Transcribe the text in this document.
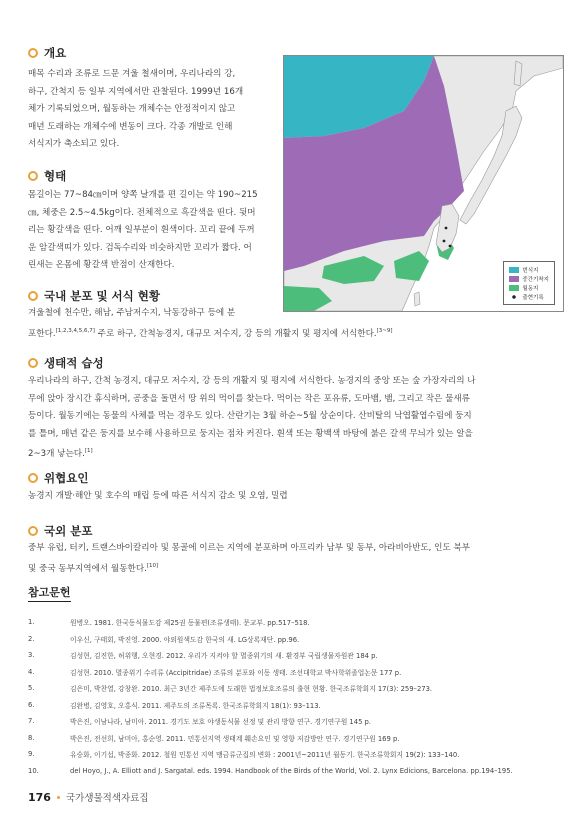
개요
매목 수리과 조류로 드문 겨울 철새이며, 우리나라의 강,
하구, 간척지 등 일부 지역에서만 관찰된다. 1999년 16개
체가 기록되었으며, 월동하는 개체수는 안정적이지 않고
매년 도래하는 개체수에 변동이 크다. 각종 개발로 인해
서식지가 축소되고 있다.
형태
몸길이는 77~84㎝이며 양쪽 날개를 편 길이는 약 190~215
㎝, 체중은 2.5~4.5kg이다. 전체적으로 흑갈색을 띤다. 뒷머
리는 황갈색을 띤다. 어깨 일부분이 흰색이다. 꼬리 끝에 두꺼
운 암갈색띠가 있다. 검독수리와 비슷하지만 꼬리가 짧다. 어
린새는 온몸에 황갈색 반점이 산재한다.
국내 분포 및 서식 현황
겨울철에 천수만, 해남, 주남저수지, 낙동강하구 등에 분
포한다.[1,2,3,4,5,6,7] 주로 하구, 간척농경지, 대규모 저수지, 강 등의 개활지 및 평지에 서식한다.[3~9]
생태적 습성
우리나라의 하구, 간척 농경지, 대규모 저수지, 강 등의 개활지 및 평지에 서식한다. 농경지의 중앙 또는 숲 가장자리의 나
무에 앉아 장시간 휴식하며, 공중을 돌면서 땅 위의 먹이를 찾는다. 먹이는 작은 포유류, 도마뱀, 뱀, 그리고 작은 물새류
등이다. 월동기에는 동물의 사체를 먹는 경우도 있다. 산란기는 3월 하순~5월 상순이다. 산비탈의 낙엽활엽수림에 둥지
를 틀며, 매년 같은 둥지를 보수해 사용하므로 둥지는 점차 커진다. 흰색 또는 황백색 바탕에 붉은 갈색 무늬가 있는 알을
2~3개 낳는다.[1]
위협요인
농경지 개발·해안 및 호수의 매립 등에 따른 서식지 감소 및 오염, 밀렵
국외 분포
중부 유럽, 터키, 트랜스바이칼리아 및 몽골에 이르는 지역에 분포하며 아프리카 남부 및 동부, 아라비아반도, 인도 북부
및 중국 동부지역에서 월동한다.[10]
참고문헌
1.	원병오. 1981. 한국동식물도감 제25권 동물편(조류생태). 문교부. pp.517–518.
2.	이우신, 구태회, 박진영. 2000. 야외원색도감 한국의 새. LG상록재단. pp.96.
3.	김성현, 김진한, 허위행, 오현경. 2012. 우리가 지켜야 할 멸종위기의 새. 환경부 국립생물자원관 184 p.
4.	김성현. 2010. 멸종위기 수리류 (Accipitridae) 조류의 분포와 이동 생태. 조선대학교 박사학위졸업논문 177 p.
5.	김은미, 박찬열, 강창완. 2010. 최근 3년간 제주도에 도래한 법정보호조류의 출현 현황. 한국조류학회지 17(3): 259–273.
6.	김완병, 김영호, 오홍식. 2011. 제주도의 조류목록. 한국조류학회지 18(1): 93–113.
7.	박은진, 이남나라, 남미아. 2011. 경기도 보호 야생동식물 선정 및 관리 방향 연구. 경기연구원 145 p.
8.	박은진, 전선희, 남미아, 홍순영. 2011. 민통선지역 생태계 훼손요인 및 영향 저감방안 연구. 경기연구원 169 p.
9.	유승화, 이기섭, 박종화. 2012. 철원 민통선 지역 맹금류군집의 변화 : 2001년~2011년 월동기. 한국조류학회지 19(2): 133–140.
10.	del Hoyo, J., A. Elliott and J. Sargatal. eds. 1994. Handbook of the Birds of the World, Vol. 2. Lynx Edicions, Barcelona. pp.194–195.
번식지
중간기착지
월동지
출현기록
176 국가생물적색자료집
